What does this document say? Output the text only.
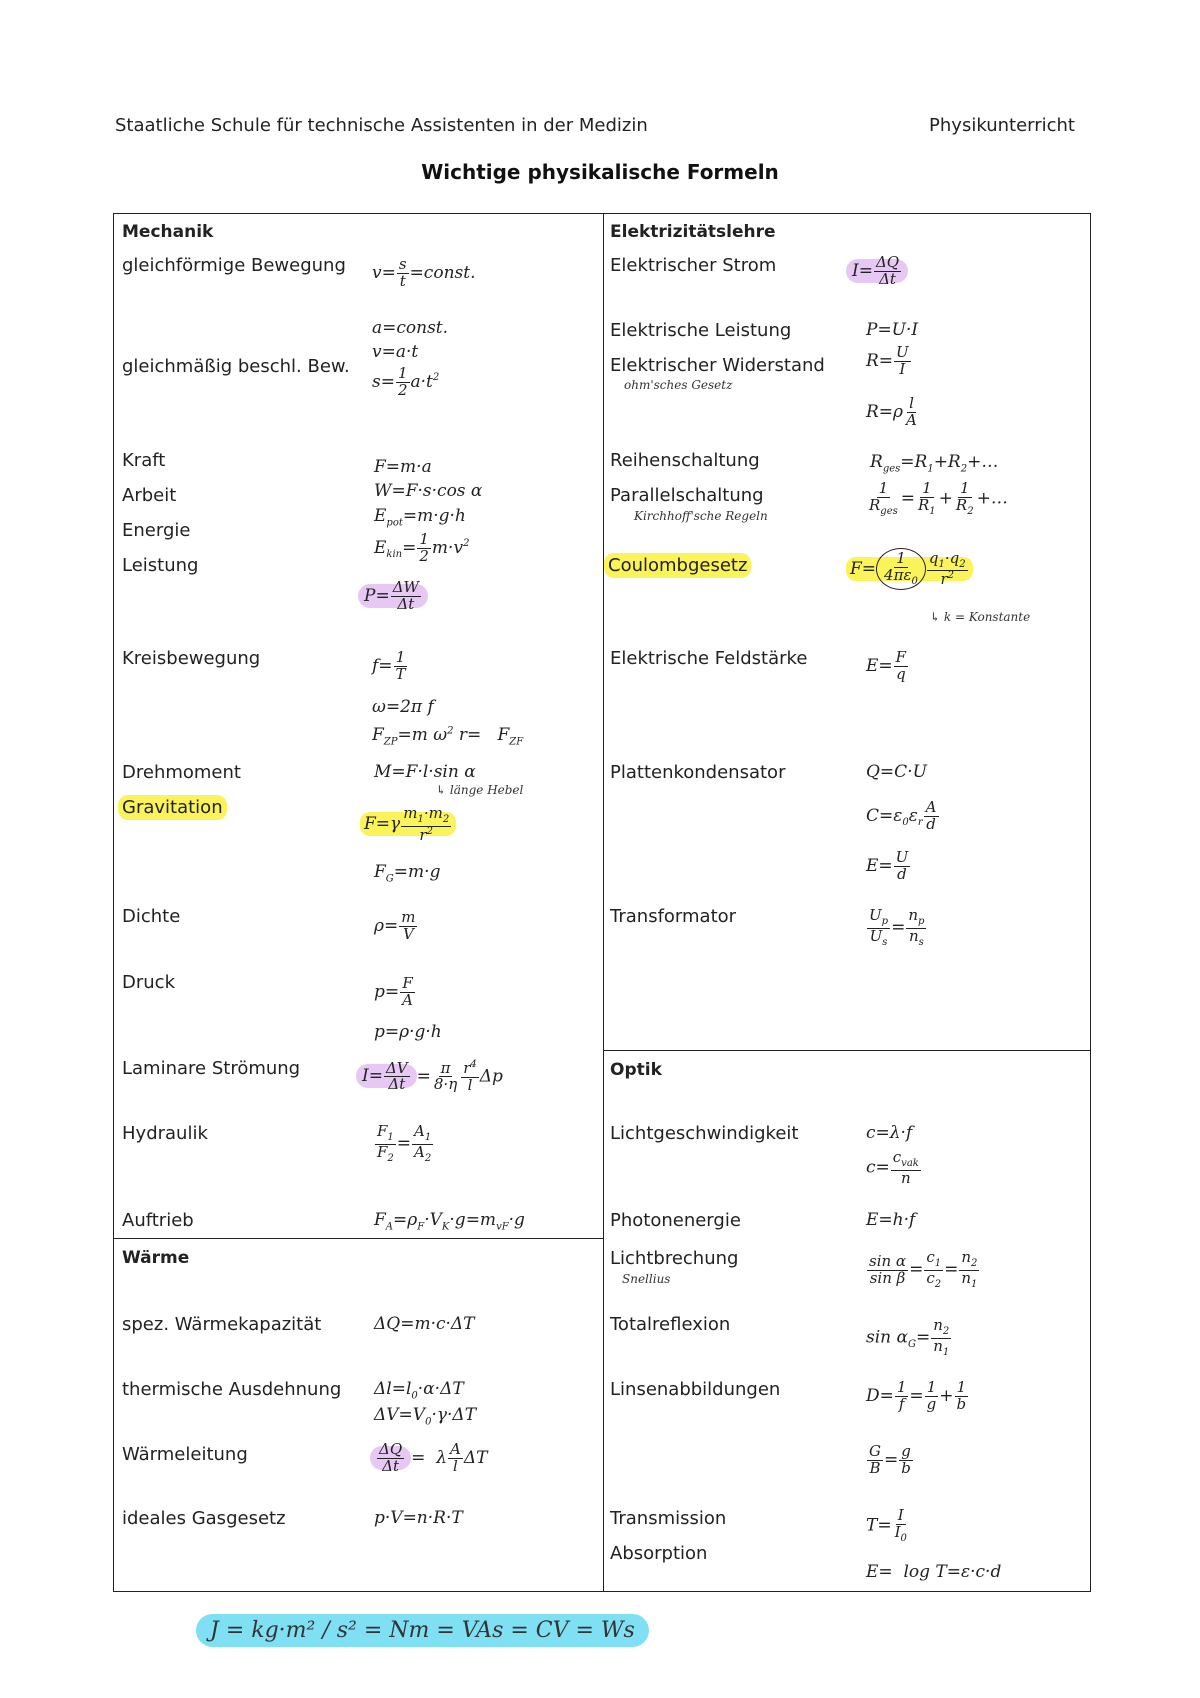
Staatliche Schule für technische Assistenten in der Medizin	Physikunterricht
Wichtige physikalische Formeln
Mechanik
gleichförmige Bewegung
gleichmäßig beschl. Bew.
Kraft
Arbeit
Energie
Leistung
Kreisbewegung
Drehmoment
Gravitation
Dichte
Druck
Laminare Strömung
Hydraulik
Auftrieb
$v= \frac{s}{t}$ =const.
a=const.
v=a·t
$s= \frac{1}{2} a\cdot t^2$
F=m·a
W=F·s·cos α
$E_{pot}=m\cdot g\cdot h$
$E_{kin}= \frac{1}{2} m\cdot v^2$
$P= \frac{\Delta W}{\Delta t}$
$f= \frac{1}{T}$
ω=2π f
$F_{ZP}=m$ $\omega^2$ $r= F_{ZF}$
M=F·l·sin α
↳ länge Hebel
$F=\gamma \frac{m_1\cdot m_2}{r^2}$
$F_G=m\cdot g$
$\rho= \frac{m}{V}$
$p= \frac{F}{A}$
p=ρ·g·h
$I= \frac{\Delta V}{\Delta t} = \frac{\pi}{8\cdot\eta} \frac{r^4}{l}$ Δp
$\frac{F_1}{F_2} = \frac{A_1}{A_2}$
$F_A=\rho_F\cdot V_K\cdot g=m_{vF}\cdot g$
Wärme
spez. Wärmekapazität
thermische Ausdehnung
Wärmeleitung
ideales Gasgesetz
ΔQ=m·c·ΔT
$\Delta l=l_0\cdot\alpha\cdot\Delta T$
$\Delta V=V_0\cdot\gamma\cdot\Delta T$
$\frac{\Delta Q}{\Delta t} = \lambda \frac{A}{l}$ ΔT
p·V=n·R·T
Elektrizitätslehre
Elektrischer Strom
Elektrische Leistung
Elektrischer Widerstand
ohm'sches Gesetz
Reihenschaltung
Parallelschaltung
Kirchhoff'sche Regeln
Coulombgesetz
Elektrische Feldstärke
Plattenkondensator
Transformator
$I= \frac{\Delta Q}{\Delta t}$
P=U·I
$R= \frac{U}{I}$
$R=\rho \frac{l}{A}$
$R_{ges}=R_1+R_2+\dots$
$\frac{1}{R_{ges}} = \frac{1}{R_1} + \frac{1}{R_2}$ +…
$F= \frac{1}{4\pi\varepsilon_0} \frac{q_1\cdot q_2}{r^2}$
↳ k = Konstante
$E= \frac{F}{q}$
Q=C·U
$C=\varepsilon_0\varepsilon_r \frac{A}{d}$
$E= \frac{U}{d}$
$\frac{U_p}{U_s} = \frac{n_p}{n_s}$
Optik
Lichtgeschwindigkeit
Photonenergie
Lichtbrechung
Snellius
Totalreflexion
Linsenabbildungen
Transmission
Absorption
c=λ·f
$c= \frac{c_{vak}}{n}$
E=h·f
$\frac{\text{sin α}}{\text{sin β}} = \frac{c_1}{c_2} = \frac{n_2}{n_1}$
$\sin \alpha_G= \frac{n_2}{n_1}$
$D= \frac{1}{f} = \frac{1}{g} + \frac{1}{b}$
$\frac{G}{B} = \frac{g}{b}$
$T= \frac{I}{I_0}$
E=  log T=ε·c·d
J = kg·m² / s² = Nm = VAs = CV = Ws
